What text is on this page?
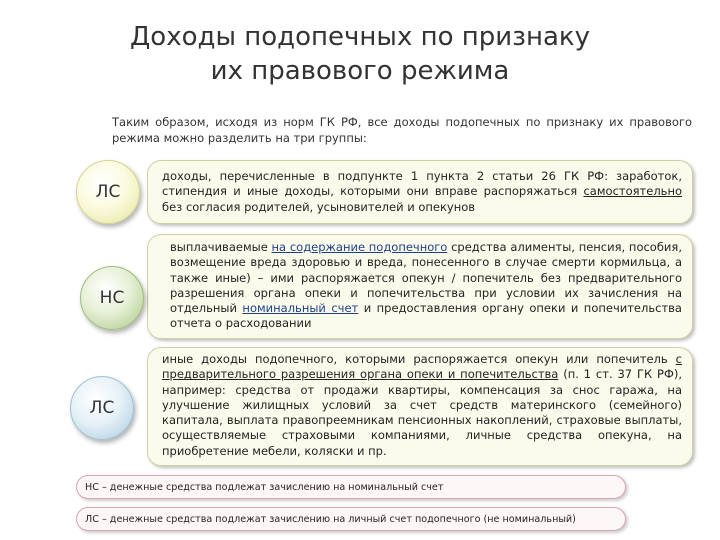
Доходы подопечных по признаку
их правового режима
Таким образом, исходя из норм ГК РФ, все доходы подопечных по признаку их правового режима можно разделить на три группы:
доходы, перечисленные в подпункте 1 пункта 2 статьи 26 ГК РФ: заработок, стипендия и иные доходы, которыми они вправе распоряжаться самостоятельно без согласия родителей, усыновителей и опекунов
ЛС
выплачиваемые на содержание подопечного средства алименты, пенсия, пособия, возмещение вреда здоровью и вреда, понесенного в случае смерти кормильца, а также иные) – ими распоряжается опекун / попечитель без предварительного разрешения органа опеки и попечительства при условии их зачисления на отдельный номинальный счет и предоставления органу опеки и попечительства отчета о расходовании
НС
иные доходы подопечного, которыми распоряжается опекун или попечитель с предварительного разрешения органа опеки и попечительства (п. 1 ст. 37 ГК РФ), например: средства от продажи квартиры, компенсация за снос гаража, на улучшение жилищных условий за счет средств материнского (семейного) капитала, выплата правопреемникам пенсионных накоплений, страховые выплаты, осуществляемые страховыми компаниями, личные средства опекуна, на приобретение мебели, коляски и пр.
ЛС
НС – денежные средства подлежат зачислению на номинальный счет
ЛС – денежные средства подлежат зачислению на личный счет подопечного (не номинальный)
